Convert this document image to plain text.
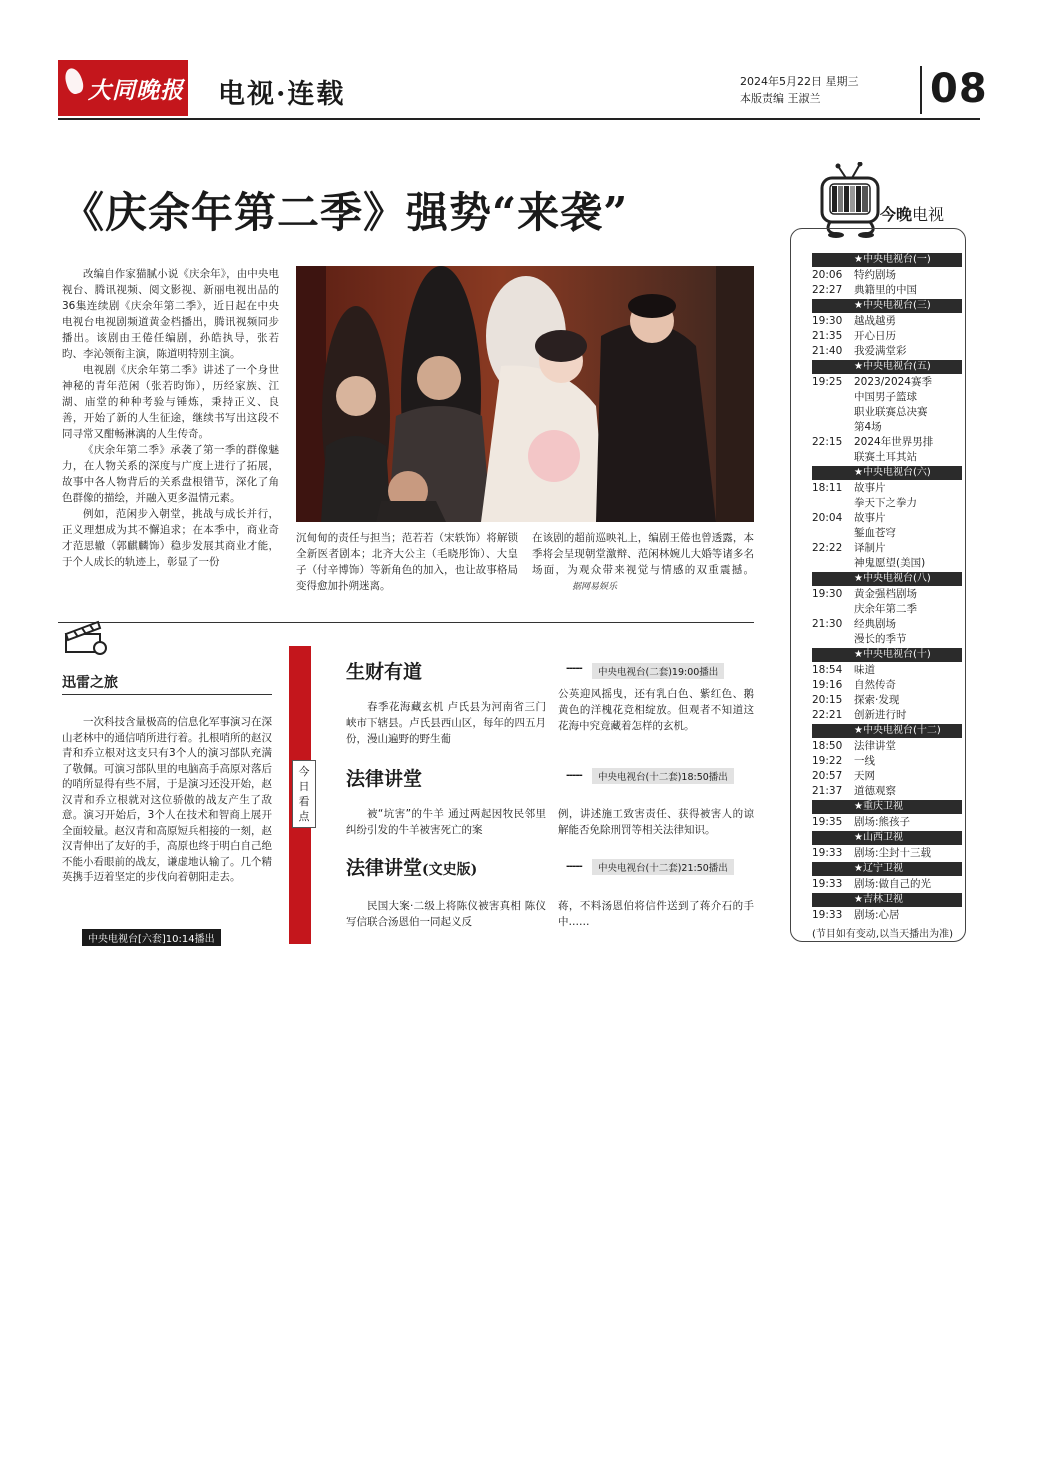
大同晚报 电视·连载	2024年5月22日 星期三
本版责编 王淑兰	08
《庆余年第二季》强势“来袭”

改编自作家猫腻小说《庆余年》，由中央电视台、腾讯视频、阅文影视、新丽电视出品的36集连续剧《庆余年第二季》，近日起在中央电视台电视剧频道黄金档播出，腾讯视频同步播出。该剧由王倦任编剧，孙皓执导，张若昀、李沁领衔主演，陈道明特别主演。

电视剧《庆余年第二季》讲述了一个身世神秘的青年范闲（张若昀饰），历经家族、江湖、庙堂的种种考验与锤炼，秉持正义、良善，开始了新的人生征途，继续书写出这段不同寻常又酣畅淋漓的人生传奇。

《庆余年第二季》承袭了第一季的群像魅力，在人物关系的深度与广度上进行了拓展，故事中各人物背后的关系盘根错节，深化了角色群像的描绘，并融入更多温情元素。

例如，范闲步入朝堂，挑战与成长并行，正义理想成为其不懈追求；在本季中，商业奇才范思辙（郭麒麟饰）稳步发展其商业才能，于个人成长的轨迹上，彰显了一份

沉甸甸的责任与担当；范若若（宋轶饰）将解锁全新医者剧本；北齐大公主（毛晓彤饰）、大皇子（付辛博饰）等新角色的加入，也让故事格局变得愈加扑朔迷离。

在该剧的超前巡映礼上，编剧王倦也曾透露，本季将会呈现朝堂激辩、范闲林婉儿大婚等诸多名场面，为观众带来视觉与情感的双重震撼。

据网易娱乐
迅雷之旅

一次科技含量极高的信息化军事演习在深山老林中的通信哨所进行着。扎根哨所的赵汉青和乔立根对这支只有3个人的演习部队充满了敬佩。可演习部队里的电脑高手高原对落后的哨所显得有些不屑，于是演习还没开始，赵汉青和乔立根就对这位骄傲的战友产生了敌意。演习开始后，3个人在技术和智商上展开全面较量。赵汉青和高原短兵相接的一刻，赵汉青伸出了友好的手，高原也终于明白自己绝不能小看眼前的战友，谦虚地认输了。几个精英携手迈着坚定的步伐向着朝阳走去。

中央电视台[六套]10:14播出
今日看点
生财有道	-----	中央电视台(二套)19:00播出
春季花海藏玄机 卢氏县为河南省三门峡市下辖县。卢氏县西山区，每年的四五月份，漫山遍野的野生葡
公英迎风摇曳，还有乳白色、紫红色、鹅黄色的洋槐花竞相绽放。但观者不知道这花海中究竟藏着怎样的玄机。
法律讲堂	-----	中央电视台(十二套)18:50播出
被“坑害”的牛羊 通过两起因牧民邻里纠纷引发的牛羊被害死亡的案
例，讲述施工致害责任、获得被害人的谅解能否免除刑罚等相关法律知识。
法律讲堂(文史版)	-----	中央电视台(十二套)21:50播出
民国大案·二级上将陈仪被害真相 陈仪写信联合汤恩伯一同起义反
蒋，不料汤恩伯将信件送到了蒋介石的手中……
今晚电视
★中央电视台(一)
20:06	特约剧场
22:27	典籍里的中国
★中央电视台(三)
19:30	越战越勇
21:35	开心日历
21:40	我爱满堂彩
★中央电视台(五)
19:25	2023/2024赛季
中国男子篮球
职业联赛总决赛
第4场
22:15	2024年世界男排
联赛土耳其站
★中央电视台(六)
18:11	故事片
拳天下之拳力
20:04	故事片
錾血苍穹
22:22	译制片
神鬼愿望(美国)
★中央电视台(八)
19:30	黄金强档剧场
庆余年第二季
21:30	经典剧场
漫长的季节
★中央电视台(十)
18:54	味道
19:16	自然传奇
20:15	探索·发现
22:21	创新进行时
★中央电视台(十二)
18:50	法律讲堂
19:22	一线
20:57	天网
21:37	道德观察
★重庆卫视
19:35	剧场:熊孩子
★山西卫视
19:33	剧场:尘封十三载
★辽宁卫视
19:33	剧场:做自己的光
★吉林卫视
19:33	剧场:心居
(节目如有变动,以当天播出为准)
